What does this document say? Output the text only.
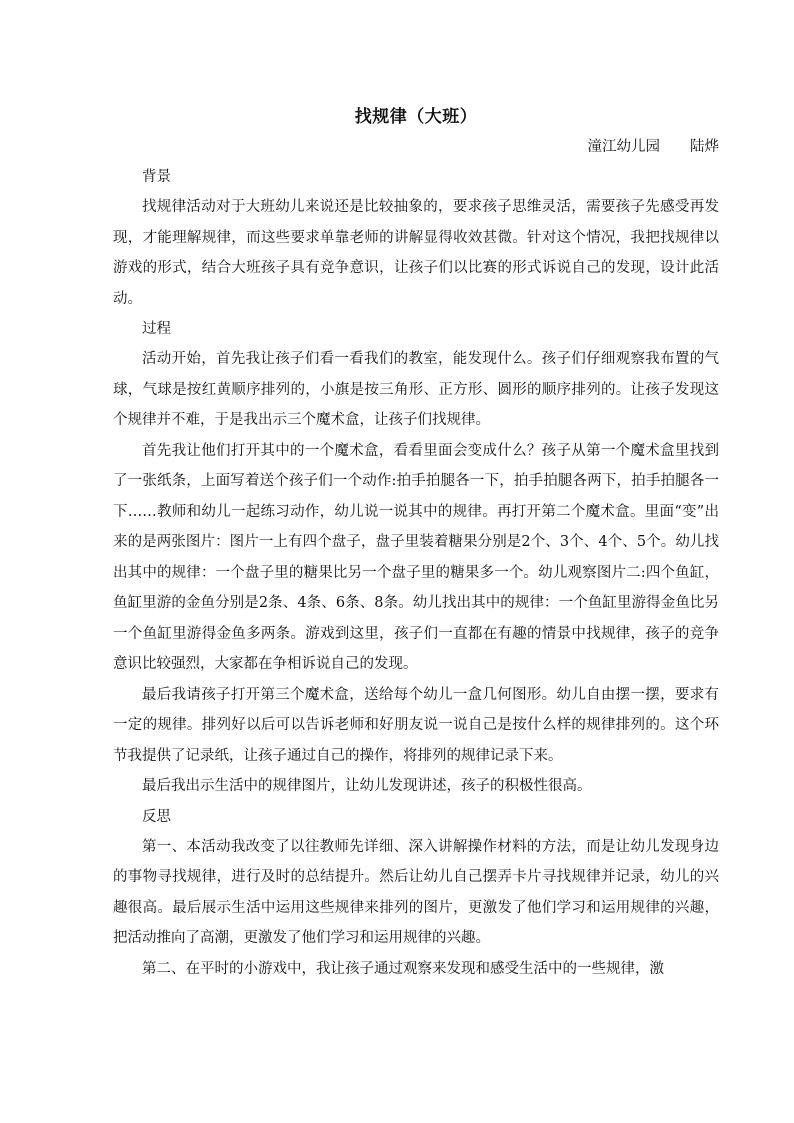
找规律（大班）

潼江幼儿园 陆烨

背景

找规律活动对于大班幼儿来说还是比较抽象的，要求孩子思维灵活，需要孩子先感受再发现，才能理解规律，而这些要求单靠老师的讲解显得收效甚微。针对这个情况，我把找规律以游戏的形式，结合大班孩子具有竞争意识，让孩子们以比赛的形式诉说自己的发现，设计此活动。

过程

活动开始，首先我让孩子们看一看我们的教室，能发现什么。孩子们仔细观察我布置的气球，气球是按红黄顺序排列的，小旗是按三角形、正方形、圆形的顺序排列的。让孩子发现这个规律并不难，于是我出示三个魔术盒，让孩子们找规律。

首先我让他们打开其中的一个魔术盒，看看里面会变成什么？孩子从第一个魔术盒里找到了一张纸条，上面写着送个孩子们一个动作:拍手拍腿各一下，拍手拍腿各两下，拍手拍腿各一下……教师和幼儿一起练习动作，幼儿说一说其中的规律。再打开第二个魔术盒。里面“变”出来的是两张图片：图片一上有四个盘子，盘子里装着糖果分别是2个、3个、4个、5个。幼儿找出其中的规律：一个盘子里的糖果比另一个盘子里的糖果多一个。幼儿观察图片二:四个鱼缸，鱼缸里游的金鱼分别是2条、4条、6条、8条。幼儿找出其中的规律：一个鱼缸里游得金鱼比另一个鱼缸里游得金鱼多两条。游戏到这里，孩子们一直都在有趣的情景中找规律，孩子的竞争意识比较强烈，大家都在争相诉说自己的发现。

最后我请孩子打开第三个魔术盒，送给每个幼儿一盒几何图形。幼儿自由摆一摆，要求有一定的规律。排列好以后可以告诉老师和好朋友说一说自己是按什么样的规律排列的。这个环节我提供了记录纸，让孩子通过自己的操作，将排列的规律记录下来。

最后我出示生活中的规律图片，让幼儿发现讲述，孩子的积极性很高。

反思

第一、本活动我改变了以往教师先详细、深入讲解操作材料的方法，而是让幼儿发现身边的事物寻找规律，进行及时的总结提升。然后让幼儿自己摆弄卡片寻找规律并记录，幼儿的兴趣很高。最后展示生活中运用这些规律来排列的图片，更激发了他们学习和运用规律的兴趣，把活动推向了高潮，更激发了他们学习和运用规律的兴趣。

第二、在平时的小游戏中，我让孩子通过观察来发现和感受生活中的一些规律，激
